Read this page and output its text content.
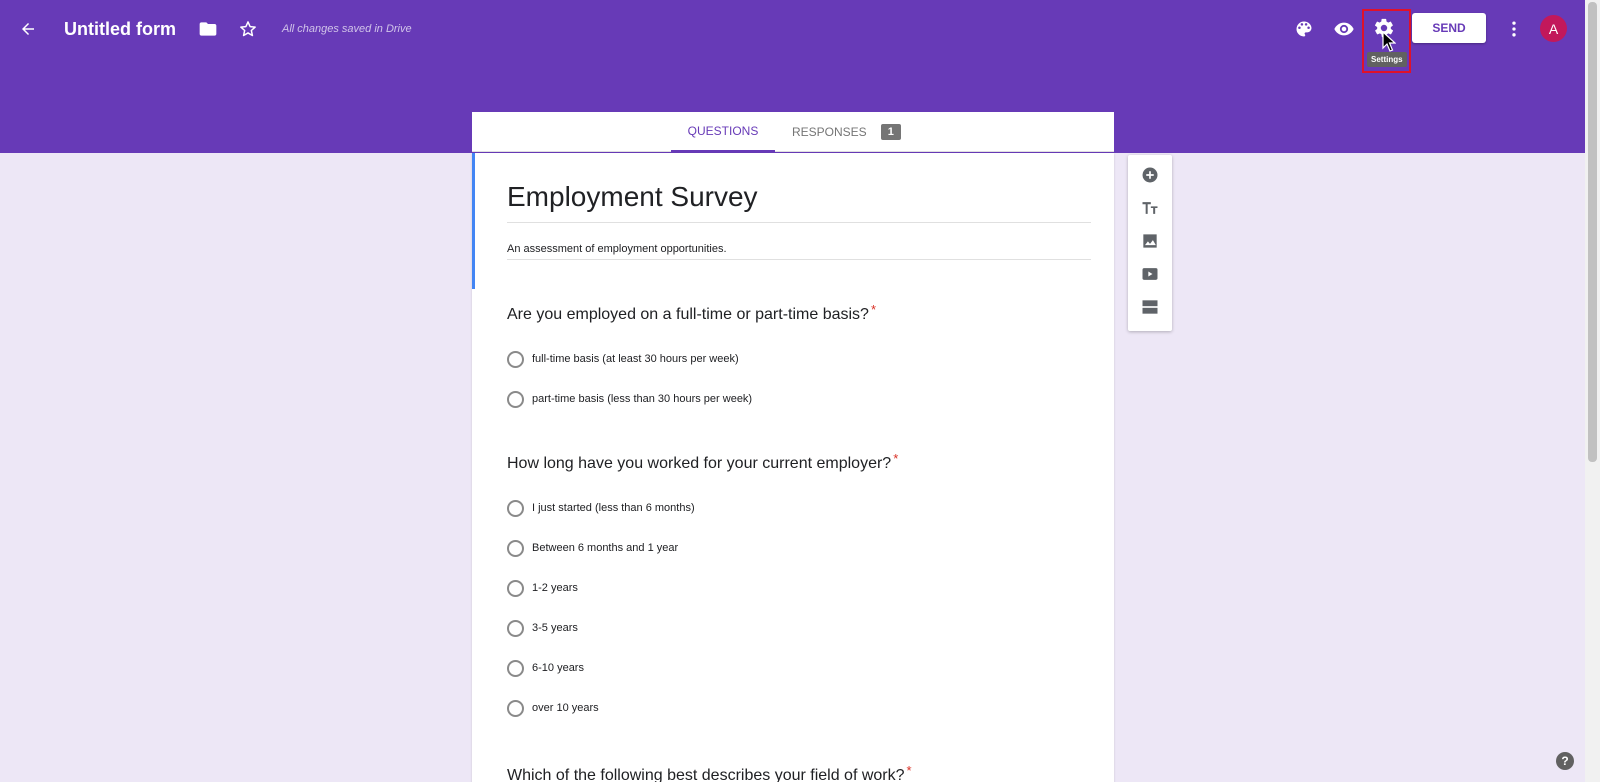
Untitled form	All changes saved in Drive
Settings
SEND	A
QUESTIONS	RESPONSES	1
Employment Survey
An assessment of employment opportunities.
Are you employed on a full-time or part-time basis? *
full-time basis (at least 30 hours per week)
part-time basis (less than 30 hours per week)
How long have you worked for your current employer? *
I just started (less than 6 months)
Between 6 months and 1 year
1-2 years
3-5 years
6-10 years
over 10 years
Which of the following best describes your field of work? *
?
